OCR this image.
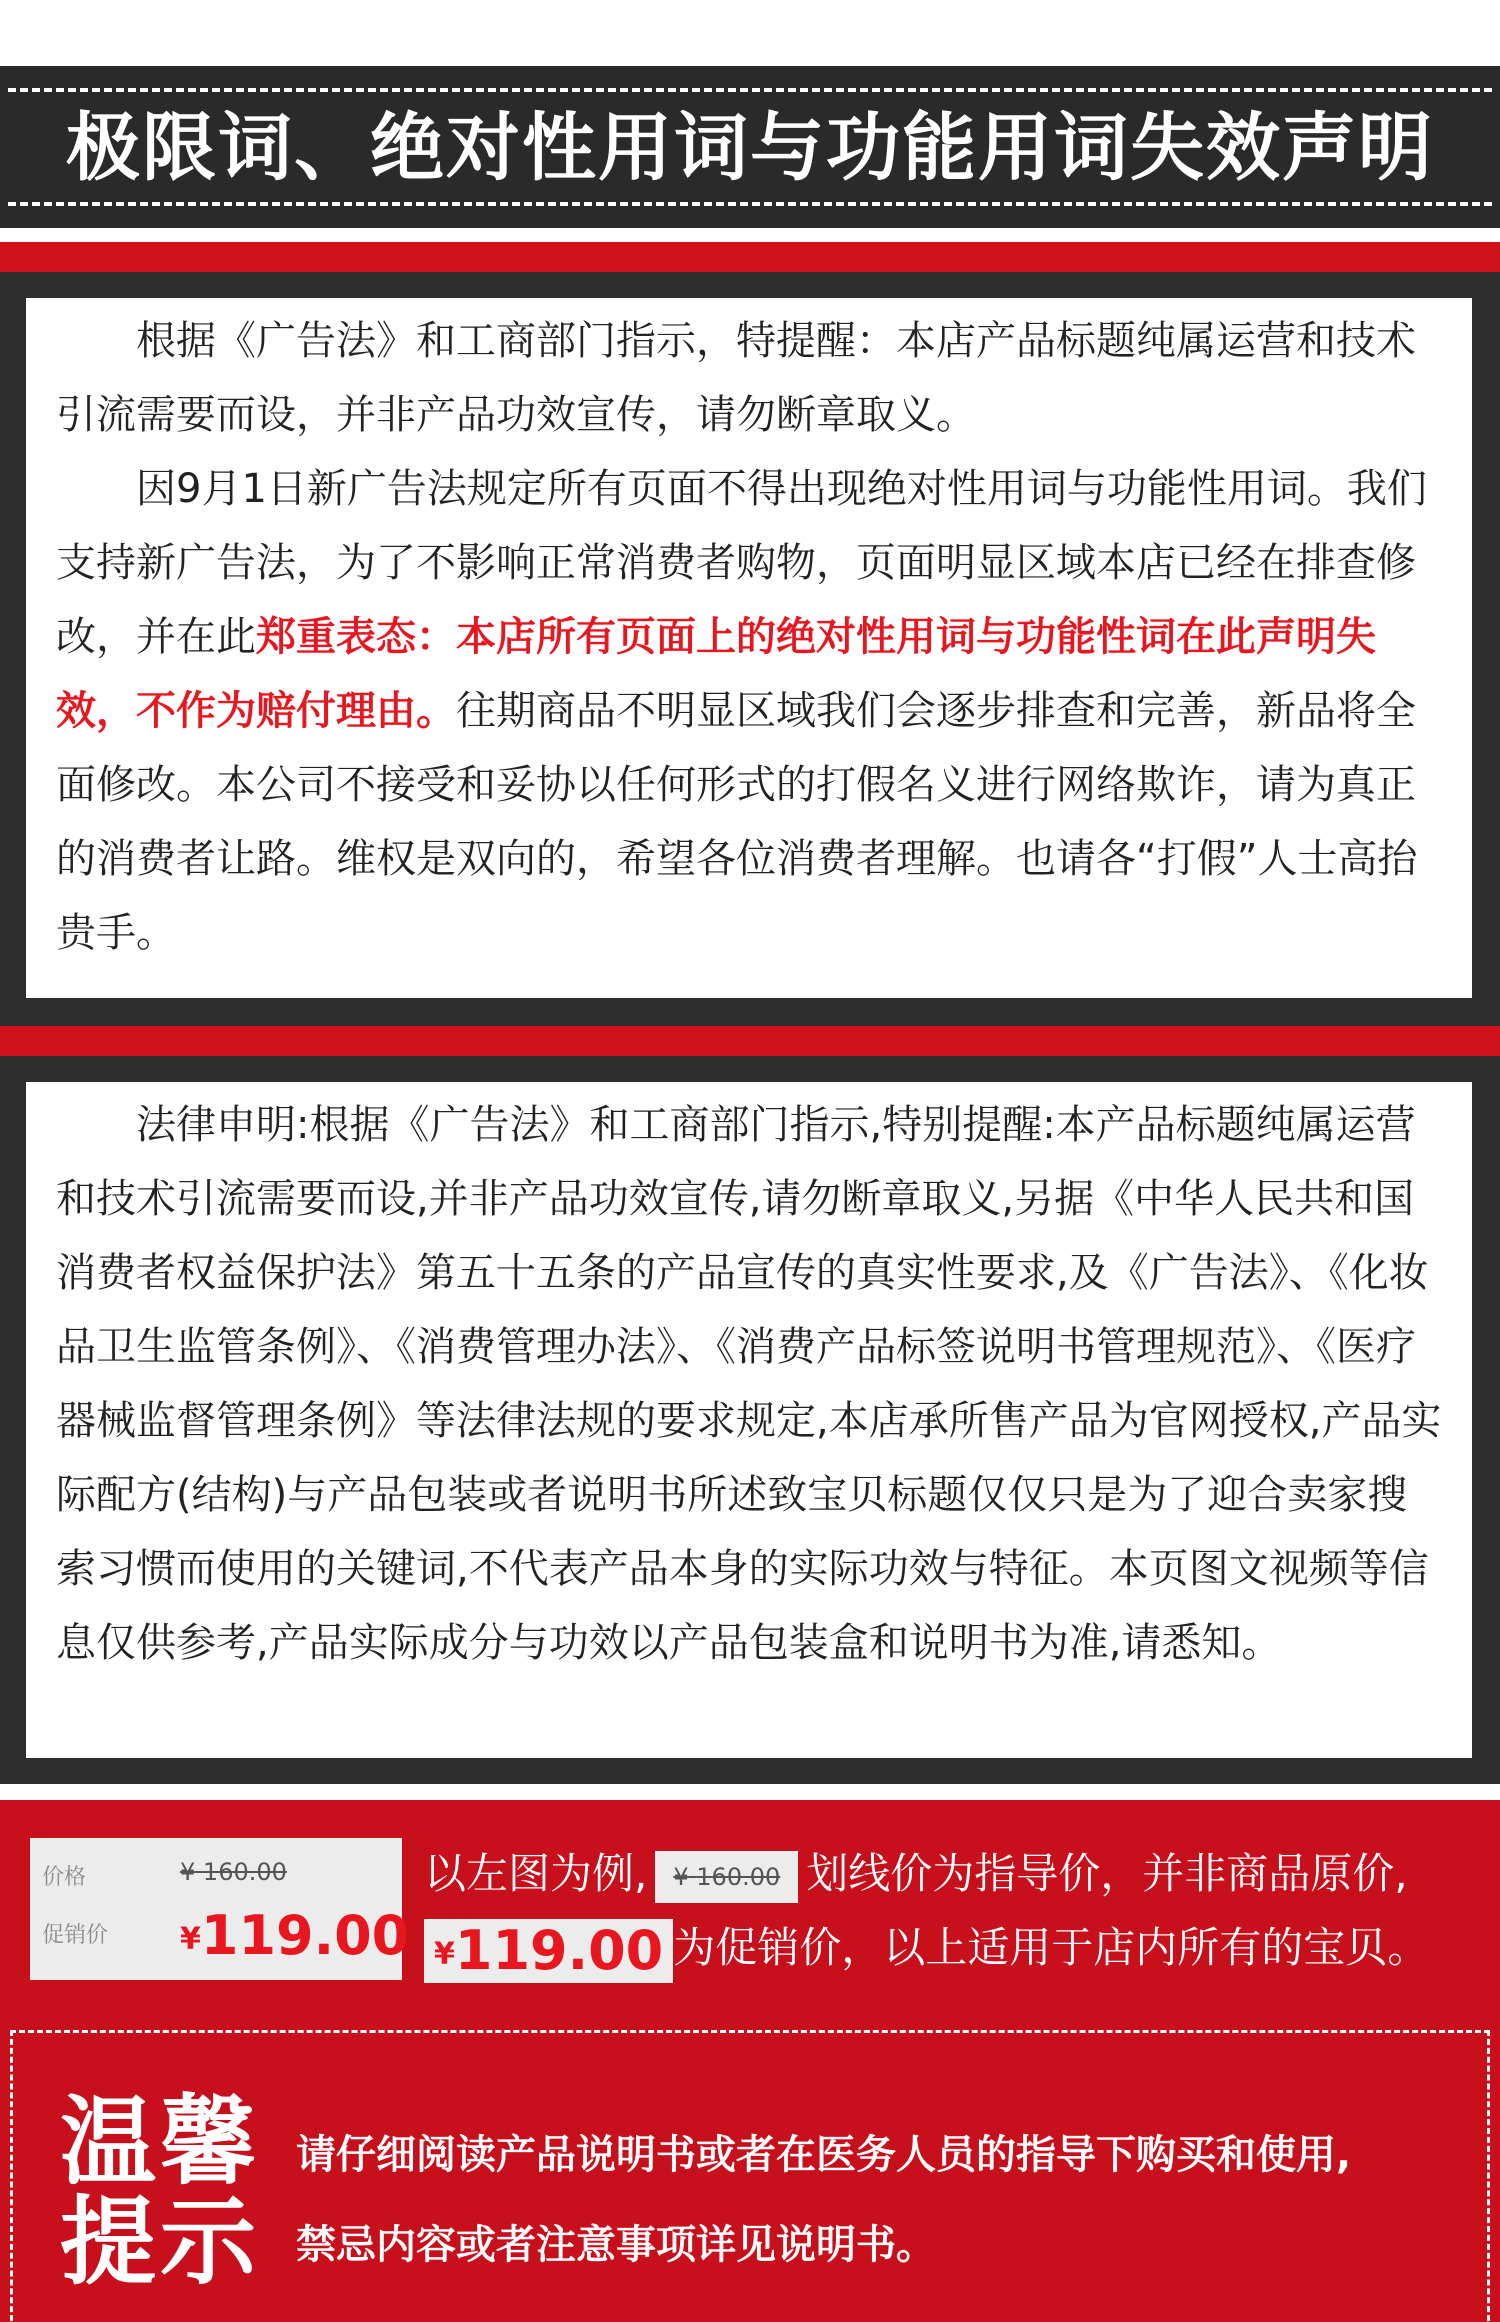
极限词、绝对性用词与功能用词失效声明

根据《广告法》和工商部门指示，特提醒：本店产品标题纯属运营和技术引流需要而设，并非产品功效宣传，请勿断章取义。

因9月1日新广告法规定所有页面不得出现绝对性用词与功能性用词。我们支持新广告法，为了不影响正常消费者购物，页面明显区域本店已经在排查修改，并在此郑重表态：本店所有页面上的绝对性用词与功能性词在此声明失效，不作为赔付理由。往期商品不明显区域我们会逐步排查和完善，新品将全面修改。本公司不接受和妥协以任何形式的打假名义进行网络欺诈，请为真正的消费者让路。维权是双向的，希望各位消费者理解。也请各“打假”人士高抬贵手。

法律申明:根据《广告法》和工商部门指示,特别提醒:本产品标题纯属运营和技术引流需要而设,并非产品功效宣传,请勿断章取义,另据《中华人民共和国消费者权益保护法》第五十五条的产品宣传的真实性要求,及《广告法》、《化妆品卫生监管条例》、《消费管理办法》、《消费产品标签说明书管理规范》、《医疗器械监督管理条例》等法律法规的要求规定,本店承所售产品为官网授权,产品实际配方(结构)与产品包装或者说明书所述致宝贝标题仅仅只是为了迎合卖家搜索习惯而使用的关键词,不代表产品本身的实际功效与特征。本页图文视频等信息仅供参考,产品实际成分与功效以产品包装盒和说明书为准,请悉知。

价格
促销价
¥ 160.00
¥119.00
以左图为例, ¥ 160.00 划线价为指导价，并非商品原价,
¥119.00 为促销价，以上适用于店内所有的宝贝。
温馨
提示
请仔细阅读产品说明书或者在医务人员的指导下购买和使用,
禁忌内容或者注意事项详见说明书。
